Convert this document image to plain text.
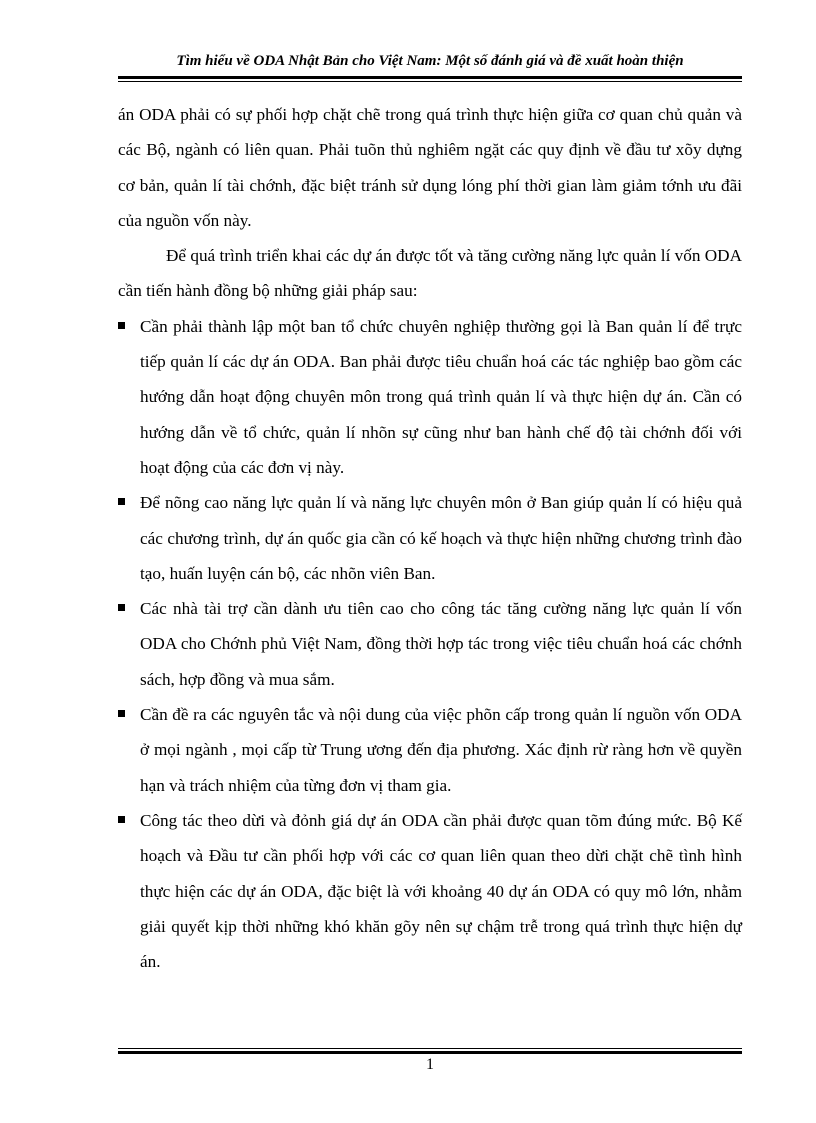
Tìm hiểu về ODA Nhật Bản cho Việt Nam: Một số đánh giá và đề xuất hoàn thiện

án ODA phải có sự phối hợp chặt chẽ trong quá trình thực hiện giữa cơ quan chủ quản và các Bộ, ngành có liên quan. Phải tuõn thủ nghiêm ngặt các quy định về đầu tư xõy dựng cơ bản, quản lí tài chớnh, đặc biệt tránh sử dụng lóng phí thời gian làm giảm tớnh ưu đãi của nguồn vốn này.

Để quá trình triển khai các dự án được tốt và tăng cường năng lực quản lí vốn ODA cần tiến hành đồng bộ những giải pháp sau:

Cần phải thành lập một ban tổ chức chuyên nghiệp thường gọi là Ban quản lí để trực tiếp quản lí các dự án ODA. Ban phải được tiêu chuẩn hoá các tác nghiệp bao gồm các hướng dẫn hoạt động chuyên môn trong quá trình quản lí và thực hiện dự án. Cần có hướng dẫn về tổ chức, quản lí nhõn sự cũng như ban hành chế độ tài chớnh đối với hoạt động của các đơn vị này.
Để nõng cao năng lực quản lí và năng lực chuyên môn ở Ban giúp quản lí có hiệu quả các chương trình, dự án quốc gia cần có kế hoạch và thực hiện những chương trình đào tạo, huấn luyện cán bộ, các nhõn viên Ban.
Các nhà tài trợ cần dành ưu tiên cao cho công tác tăng cường năng lực quản lí vốn ODA cho Chớnh phủ Việt Nam, đồng thời hợp tác trong việc tiêu chuẩn hoá các chớnh sách, hợp đồng và mua sắm.
Cần đề ra các nguyên tắc và nội dung của việc phõn cấp trong quản lí nguồn vốn ODA ở mọi ngành , mọi cấp từ Trung ương đến địa phương. Xác định rừ ràng hơn về quyền hạn và trách nhiệm của từng đơn vị tham gia.
Công tác theo dừi và đỏnh giá dự án ODA cần phải được quan tõm đúng mức. Bộ Kế hoạch và Đầu tư cần phối hợp với các cơ quan liên quan theo dừi chặt chẽ tình hình thực hiện các dự án ODA, đặc biệt là với khoảng 40 dự án ODA có quy mô lớn, nhằm giải quyết kịp thời những khó khăn gõy nên sự chậm trễ trong quá trình thực hiện dự án.
1
